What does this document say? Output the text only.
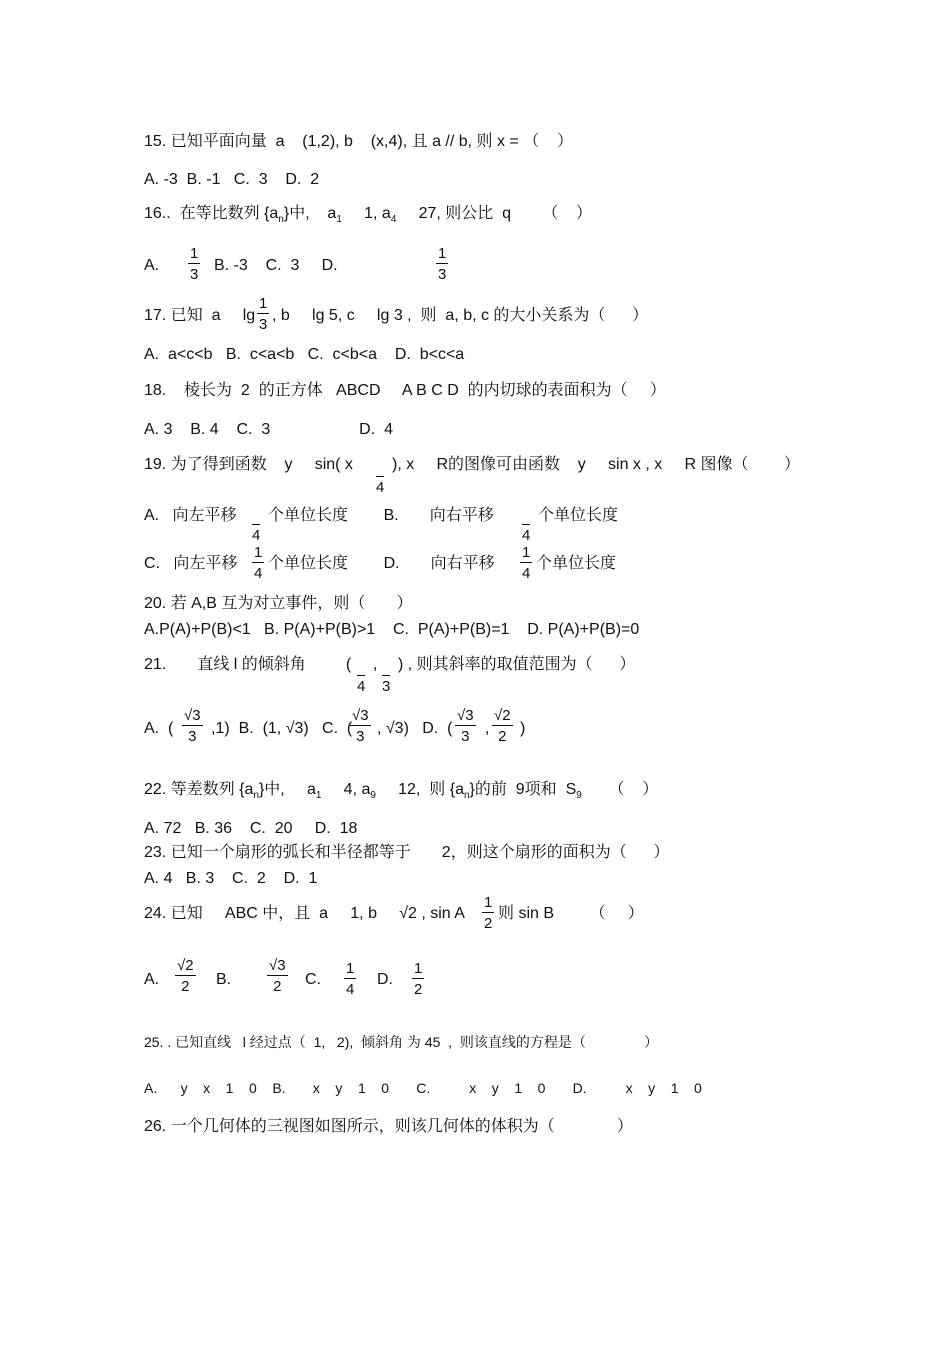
15. 已知平面向量  a    (1,2), b    (x,4), 且 a // b, 则 x = （    ）
A. -3  B. -1   C.  3    D.  2
16..  在等比数列 $\{a_n\}$中,    $a_1$     1, $a_4$     27, 则公比  q       （    ）
A.
1
3
B. -3    C.  3     D.
1
3
17. 已知  a     lg
1
3
, b     lg 5, c     lg 3 ,  则  a, b, c 的大小关系为（      ）
A.  a<c<b   B.  c<a<b   C.  c<b<a    D.  b<c<a
18.    棱长为  2  的正方体   ABCD     A B C D  的内切球的表面积为（     ）
A. 3    B. 4    C.  3                    D.  4
19. 为了得到函数    y     sin( x

4
), x     R的图像可由函数    y     sin x , x     R 图像（        ）
A.   向左平移

4
个单位长度        B.       向右平移

4
个单位长度
C.   向左平移
1
4
个单位长度        D.       向右平移
1
4
个单位长度
20. 若 A,B 互为对立事件，则（       ）
A.P(A)+P(B)<1   B. P(A)+P(B)>1    C.  P(A)+P(B)=1    D. P(A)+P(B)=0
21.       直线 l 的倾斜角         (

4
,

3
) , 则其斜率的取值范围为（      ）
A.  (
√3
3 ,1)  B.  (1, √3)   C.  (
√3
3 , √3)   D.  (
√3
3 ,
√2
2 )
22. 等差数列 $\{a_n\}$中,     $a_1$     4, $a_9$     12,  则 $\{a_n\}$的前  9项和  $S_9$      （    ）
A. 72   B. 36    C.  20     D.  18
23. 已知一个扇形的弧长和半径都等于       2，则这个扇形的面积为（      ）
A. 4   B. 3    C.  2    D.  1
24. 已知     ABC 中，且  a     1, b     √2 , sin A
1
2
则 sin B        （     ）
A.
√2
2	B.
√3
2	C.
1
4
D.
1
2
25. . 已知直线   l 经过点（  1,   2),  倾斜角 为 45  ,  则该直线的方程是（               ）
A.      y    x    1    0    B.       x    y    1    0       C.          x    y    1    0       D.          x    y    1    0
26. 一个几何体的三视图如图所示，则该几何体的体积为（              ）
